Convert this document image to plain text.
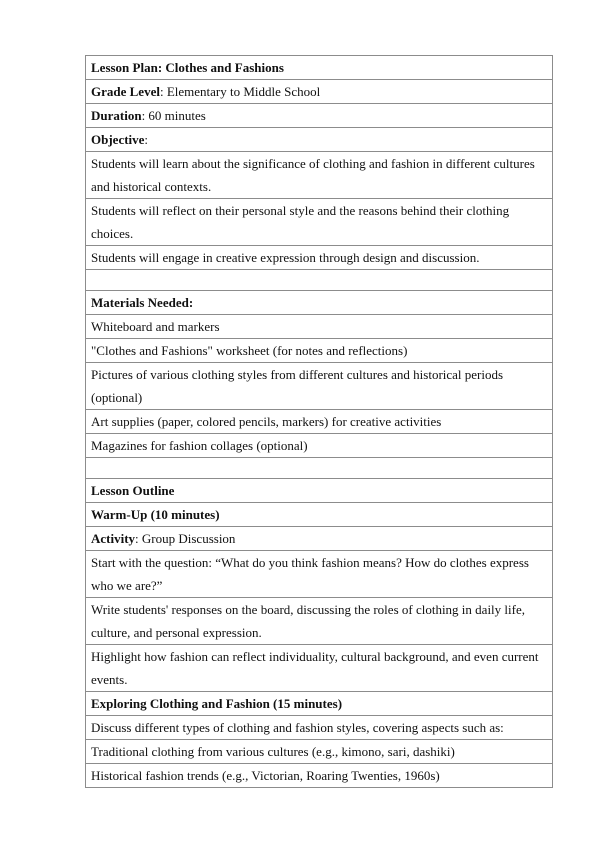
Lesson Plan: Clothes and Fashions
Grade Level: Elementary to Middle School
Duration: 60 minutes
Objective:
Students will learn about the significance of clothing and fashion in different cultures and historical contexts.
Students will reflect on their personal style and the reasons behind their clothing choices.
Students will engage in creative expression through design and discussion.

Materials Needed:
Whiteboard and markers
"Clothes and Fashions" worksheet (for notes and reflections)
Pictures of various clothing styles from different cultures and historical periods (optional)
Art supplies (paper, colored pencils, markers) for creative activities
Magazines for fashion collages (optional)

Lesson Outline
Warm-Up (10 minutes)
Activity: Group Discussion
Start with the question: “What do you think fashion means? How do clothes express who we are?”
Write students' responses on the board, discussing the roles of clothing in daily life, culture, and personal expression.
Highlight how fashion can reflect individuality, cultural background, and even current events.
Exploring Clothing and Fashion (15 minutes)
Discuss different types of clothing and fashion styles, covering aspects such as:
Traditional clothing from various cultures (e.g., kimono, sari, dashiki)
Historical fashion trends (e.g., Victorian, Roaring Twenties, 1960s)
